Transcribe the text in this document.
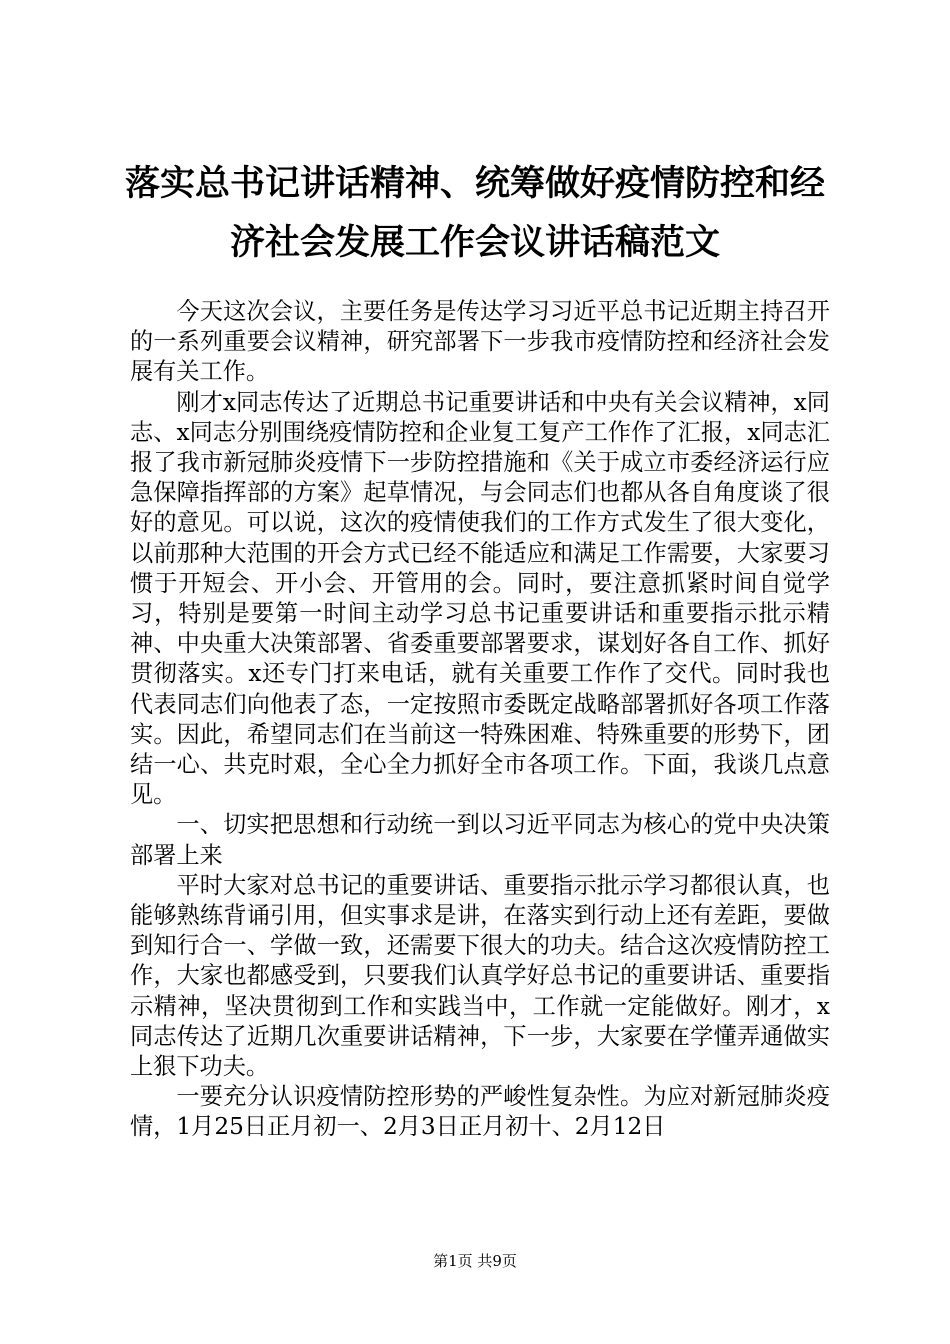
落实总书记讲话精神、统筹做好疫情防控和经
济社会发展工作会议讲话稿范文

今天这次会议，主要任务是传达学习习近平总书记近期主持召开的一系列重要会议精神，研究部署下一步我市疫情防控和经济社会发展有关工作。

刚才x同志传达了近期总书记重要讲话和中央有关会议精神，x同志、x同志分别围绕疫情防控和企业复工复产工作作了汇报，x同志汇报了我市新冠肺炎疫情下一步防控措施和《关于成立市委经济运行应急保障指挥部的方案》起草情况，与会同志们也都从各自角度谈了很好的意见。可以说，这次的疫情使我们的工作方式发生了很大变化，以前那种大范围的开会方式已经不能适应和满足工作需要，大家要习惯于开短会、开小会、开管用的会。同时，要注意抓紧时间自觉学习，特别是要第一时间主动学习总书记重要讲话和重要指示批示精神、中央重大决策部署、省委重要部署要求，谋划好各自工作、抓好贯彻落实。x还专门打来电话，就有关重要工作作了交代。同时我也代表同志们向他表了态，一定按照市委既定战略部署抓好各项工作落实。因此，希望同志们在当前这一特殊困难、特殊重要的形势下，团结一心、共克时艰，全心全力抓好全市各项工作。下面，我谈几点意见。

一、切实把思想和行动统一到以习近平同志为核心的党中央决策部署上来

平时大家对总书记的重要讲话、重要指示批示学习都很认真，也能够熟练背诵引用，但实事求是讲，在落实到行动上还有差距，要做到知行合一、学做一致，还需要下很大的功夫。结合这次疫情防控工作，大家也都感受到，只要我们认真学好总书记的重要讲话、重要指示精神，坚决贯彻到工作和实践当中，工作就一定能做好。刚才，x同志传达了近期几次重要讲话精神，下一步，大家要在学懂弄通做实上狠下功夫。

一要充分认识疫情防控形势的严峻性复杂性。为应对新冠肺炎疫情，1月25日正月初一、2月3日正月初十、2月12日

第1页 共9页
